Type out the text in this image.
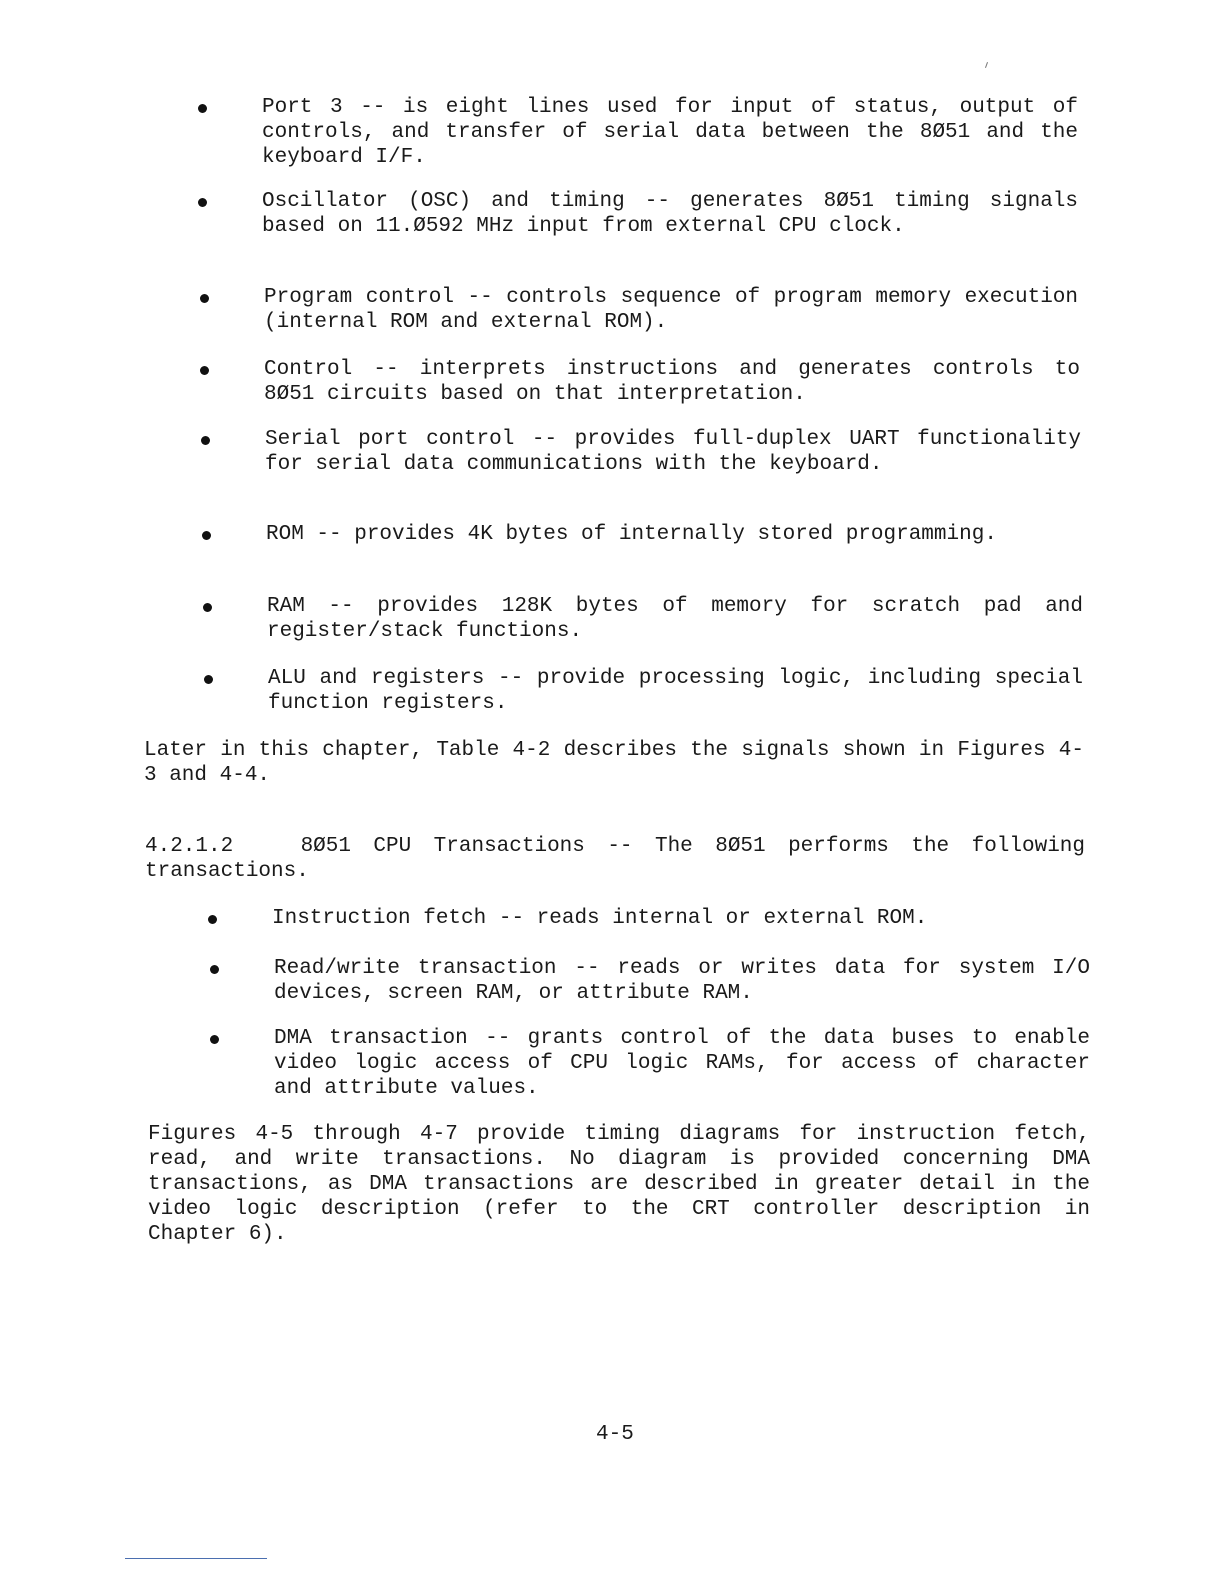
Port 3 -- is eight lines used for input of status, output of controls, and transfer of serial data between the 8Ø51 and the keyboard I/F.
Oscillator (OSC) and timing -- generates 8Ø51 timing signals based on 11.Ø592 MHz input from external CPU clock.
Program control -- controls sequence of program memory execution (internal ROM and external ROM).
Control -- interprets instructions and generates controls to 8Ø51 circuits based on that interpretation.
Serial port control -- provides full-duplex UART functionality for serial data communications with the keyboard.
ROM -- provides 4K bytes of internally stored programming.
RAM -- provides 128K bytes of memory for scratch pad and register/stack functions.
ALU and registers -- provide processing logic, including special function registers.

Later in this chapter, Table 4-2 describes the signals shown in Figures 4-3 and 4-4.

4.2.1.2	8Ø51 CPU Transactions -- The 8Ø51 performs the following transactions.

Instruction fetch -- reads internal or external ROM.
Read/write transaction -- reads or writes data for system I/O devices, screen RAM, or attribute RAM.
DMA transaction -- grants control of the data buses to enable video logic access of CPU logic RAMs, for access of character and attribute values.

Figures 4-5 through 4-7 provide timing diagrams for instruction fetch, read, and write transactions. No diagram is provided concerning DMA transactions, as DMA transactions are described in greater detail in the video logic description (refer to the CRT controller description in Chapter 6).

4-5
